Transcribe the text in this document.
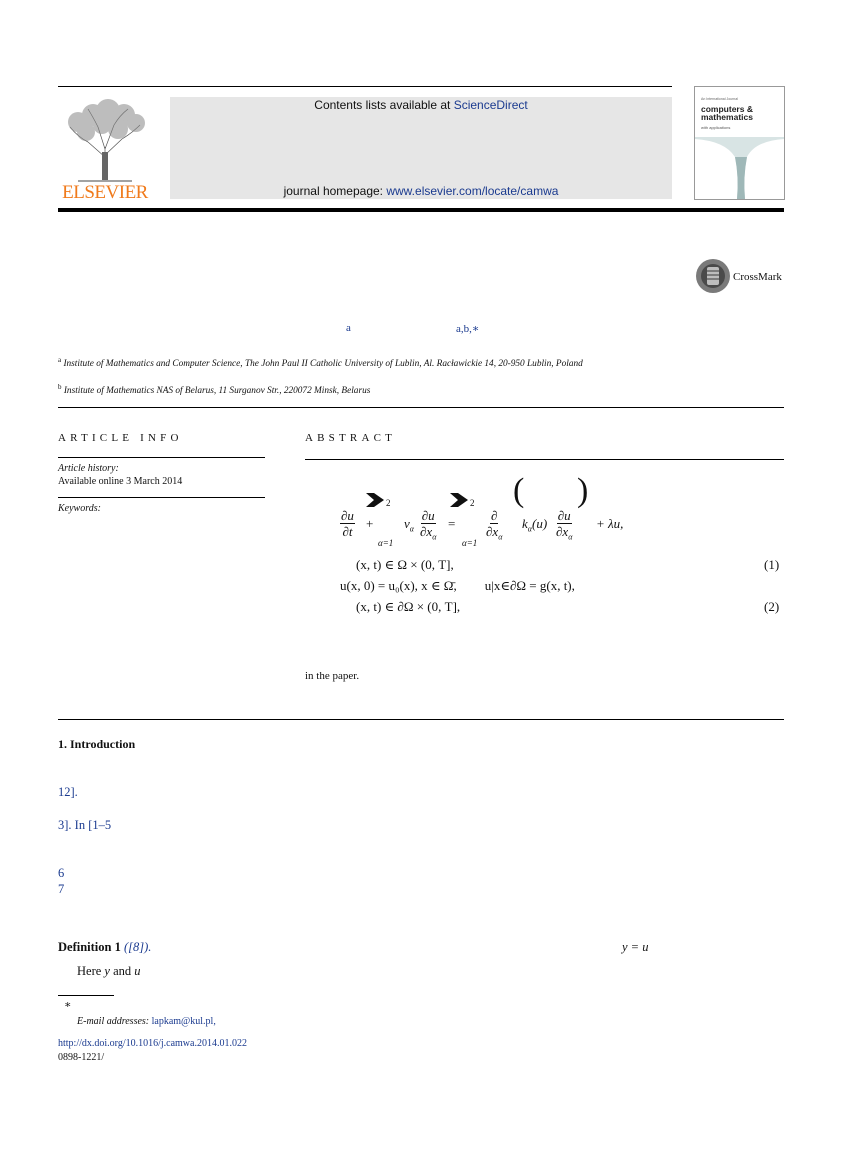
ELSEVIER
Contents lists available at ScienceDirect
journal homepage: www.elsevier.com/locate/camwa
An International Journal
computers &
mathematics
with applications
CrossMark
a	a,b,∗
$^a$ Institute of Mathematics and Computer Science, The John Paul II Catholic University of Lublin, Al. Racławickie 14, 20-950 Lublin, Poland
$^b$ Institute of Mathematics NAS of Belarus, 11 Surganov Str., 220072 Minsk, Belarus
ARTICLE INFO	ABSTRACT
Article history:
Available online 3 March 2014
Keywords:	$\frac{\partial u}{\partial t}$ +
2
α=1
$v_\alpha \frac{\partial u}{\partial x_\alpha}$ =
2
α=1
∂
$\partial x_\alpha$
$k_\alpha(u) \frac{\partial u}{\partial x_\alpha} + \lambda u$,
( )
(x, t) ∈ Ω × (0, T],	(1)
u(x, 0) = u₀(x), x ∈ Ω̄, u|x∈∂Ω = g(x, t),
(x, t) ∈ ∂Ω × (0, T],	(2)
in the paper.
1. Introduction
12].
3]. In [1–5
6
7
Definition 1 ([8]).	y = u
Here y and u
∗
E-mail addresses: lapkam@kul.pl,
http://dx.doi.org/10.1016/j.camwa.2014.01.022
0898-1221/
